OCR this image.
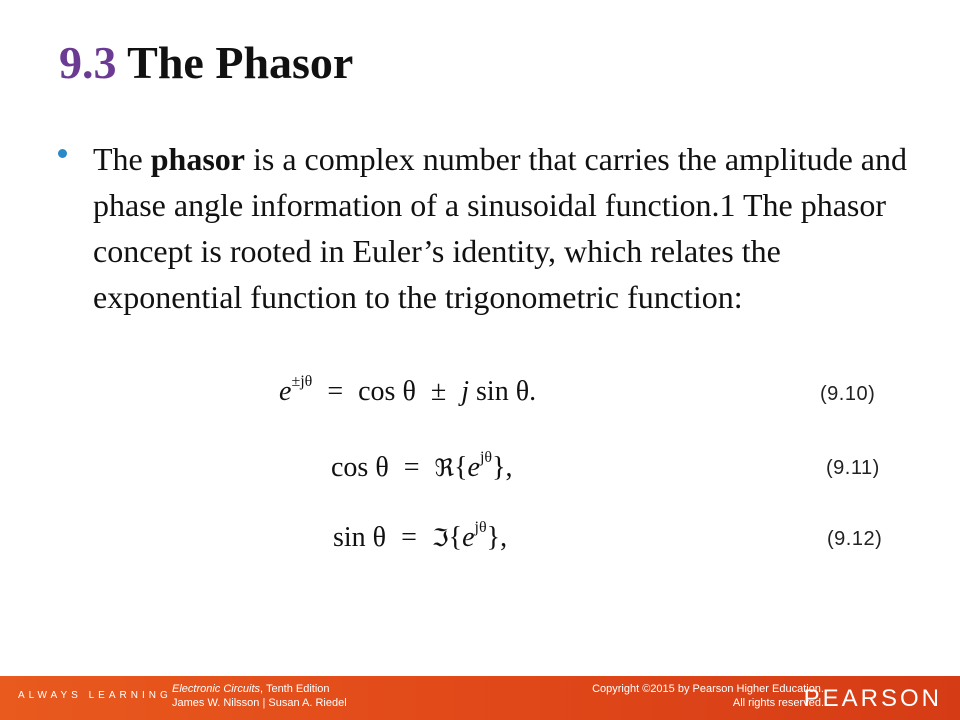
9.3 The Phasor
The phasor is a complex number that carries the amplitude and phase angle information of a sinusoidal function.1 The phasor concept is rooted in Euler’s identity, which relates the exponential function to the trigonometric function:
$e^{\pm j\theta} = \cos \theta \pm j$ sin θ.	(9.10)
$\cos \theta = ℜ\{e^{j\theta}\}$,	(9.11)
$\sin \theta = ℑ\{e^{j\theta}\}$,	(9.12)
ALWAYS LEARNING
Electronic Circuits, Tenth Edition
James W. Nilsson | Susan A. Riedel
Copyright ©2015 by Pearson Higher Education.
All rights reserved.
PEARSON
